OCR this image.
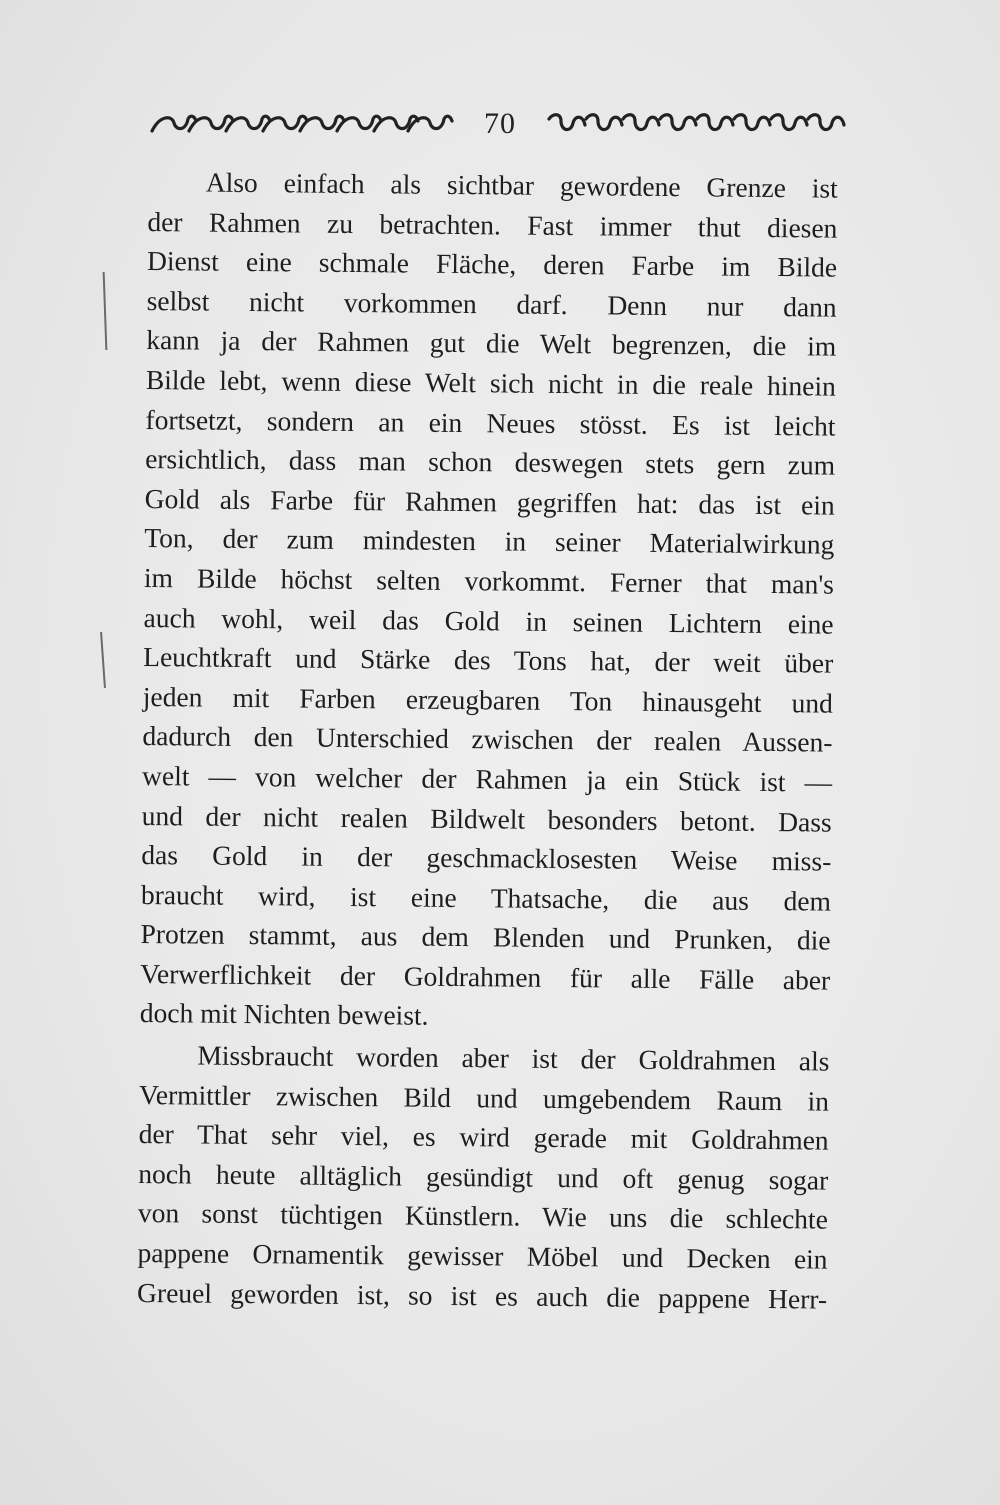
70
Also einfach als sichtbar gewordene Grenze ist
der Rahmen zu betrachten. Fast immer thut diesen
Dienst eine schmale Fläche, deren Farbe im Bilde
selbst nicht vorkommen darf. Denn nur dann
kann ja der Rahmen gut die Welt begrenzen, die im
Bilde lebt, wenn diese Welt sich nicht in die reale hinein
fortsetzt, sondern an ein Neues stösst. Es ist leicht
ersichtlich, dass man schon deswegen stets gern zum
Gold als Farbe für Rahmen gegriffen hat: das ist ein
Ton, der zum mindesten in seiner Materialwirkung
im Bilde höchst selten vorkommt. Ferner that man's
auch wohl, weil das Gold in seinen Lichtern eine
Leuchtkraft und Stärke des Tons hat, der weit über
jeden mit Farben erzeugbaren Ton hinausgeht und
dadurch den Unterschied zwischen der realen Aussen-
welt — von welcher der Rahmen ja ein Stück ist —
und der nicht realen Bildwelt besonders betont. Dass
das Gold in der geschmacklosesten Weise miss-
braucht wird, ist eine Thatsache, die aus dem
Protzen stammt, aus dem Blenden und Prunken, die
Verwerflichkeit der Goldrahmen für alle Fälle aber
doch mit Nichten beweist.
Missbraucht worden aber ist der Goldrahmen als
Vermittler zwischen Bild und umgebendem Raum in
der That sehr viel, es wird gerade mit Goldrahmen
noch heute alltäglich gesündigt und oft genug sogar
von sonst tüchtigen Künstlern. Wie uns die schlechte
pappene Ornamentik gewisser Möbel und Decken ein
Greuel geworden ist, so ist es auch die pappene Herr-
